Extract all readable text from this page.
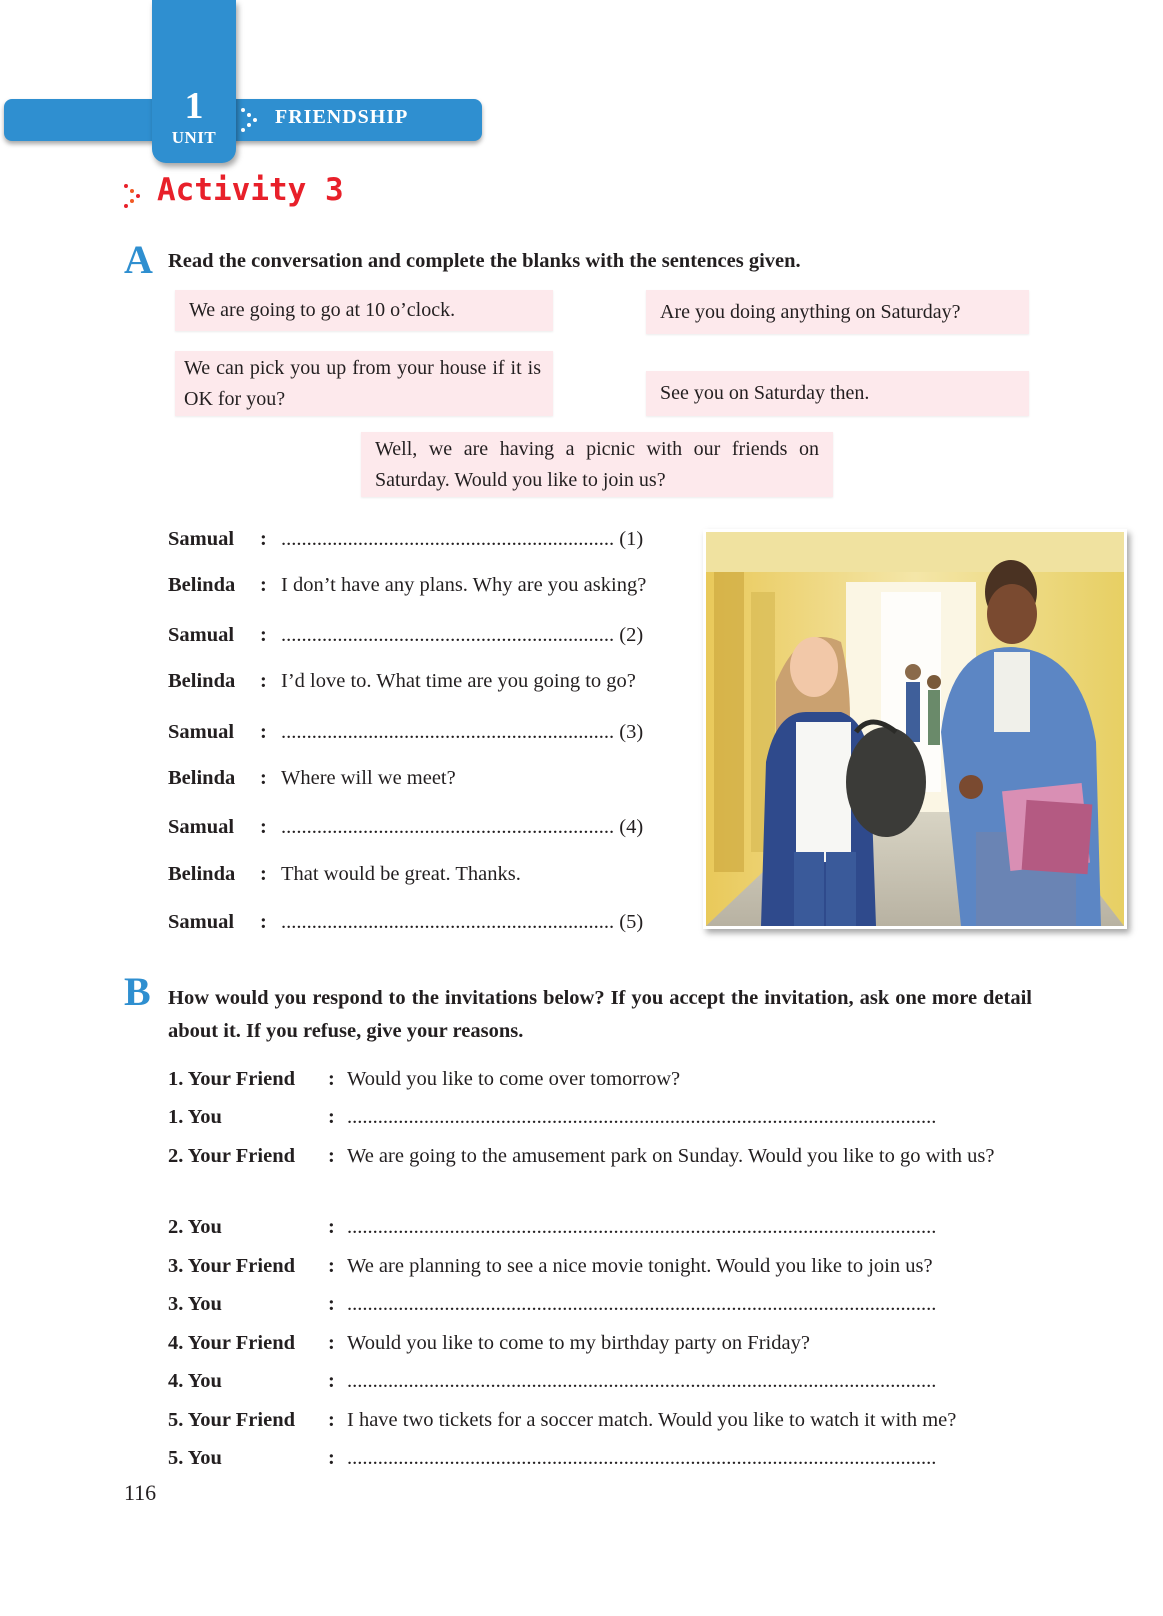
FRIENDSHIP
1
UNIT
Activity 3
A Read the conversation and complete the blanks with the sentences given.
We are going to go at 10 o’clock.	Are you doing anything on Saturday?
We can pick you up from your house if it is OK for you?	See you on Saturday then.
Well, we are having a picnic with our friends on Saturday. Would you like to join us?
Samual : ................................................................. (1)
Belinda : I don’t have any plans. Why are you asking?
Samual : ................................................................. (2)
Belinda : I’d love to. What time are you going to go?
Samual : ................................................................. (3)
Belinda : Where will we meet?
Samual : ................................................................. (4)
Belinda : That would be great. Thanks.
Samual : ................................................................. (5)
B How would you respond to the invitations below? If you accept the invitation, ask one more detail about it. If you refuse, give your reasons.
1. Your Friend : Would you like to come over tomorrow?
1. You	: ...................................................................................................................
2. Your Friend : We are going to the amusement park on Sunday. Would you like to go with us?
2. You	: ...................................................................................................................
3. Your Friend : We are planning to see a nice movie tonight. Would you like to join us?
3. You	: ...................................................................................................................
4. Your Friend : Would you like to come to my birthday party on Friday?
4. You	: ...................................................................................................................
5. Your Friend : I have two tickets for a soccer match. Would you like to watch it with me?
5. You	: ...................................................................................................................
116
